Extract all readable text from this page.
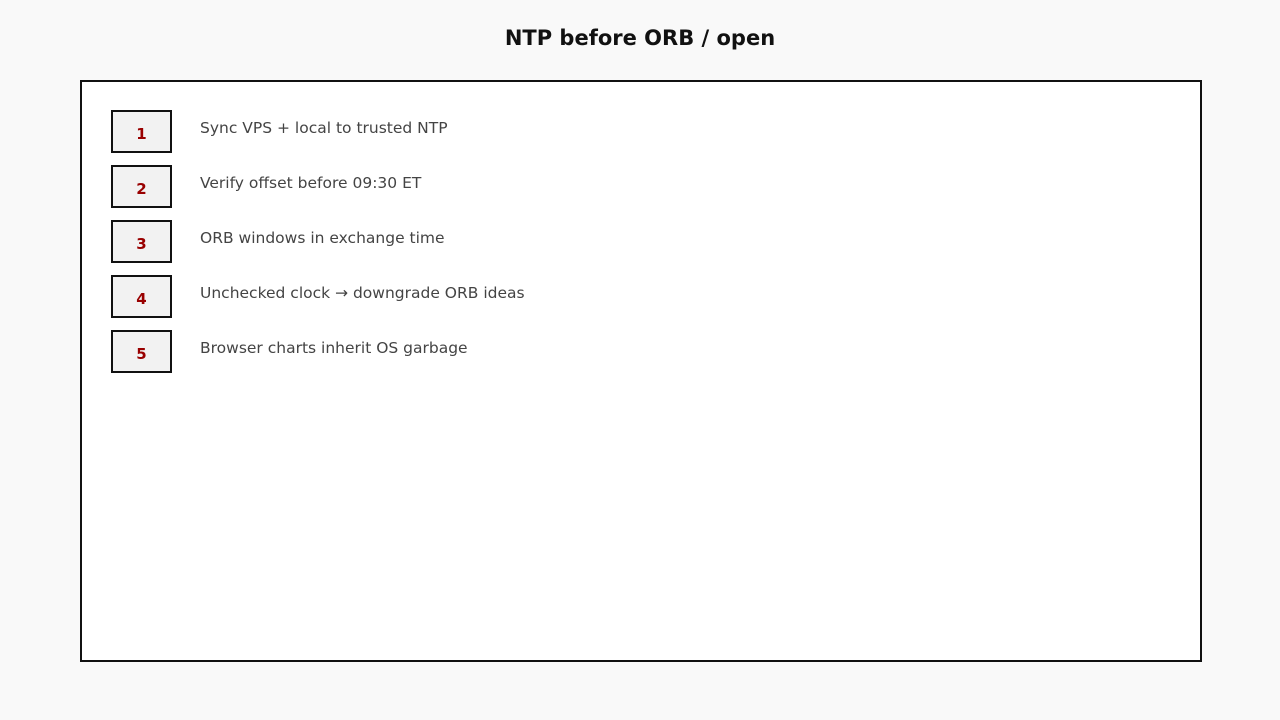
NTP before ORB / open
1	Sync VPS + local to trusted NTP
2	Verify offset before 09:30 ET
3	ORB windows in exchange time
4	Unchecked clock → downgrade ORB ideas
5	Browser charts inherit OS garbage
